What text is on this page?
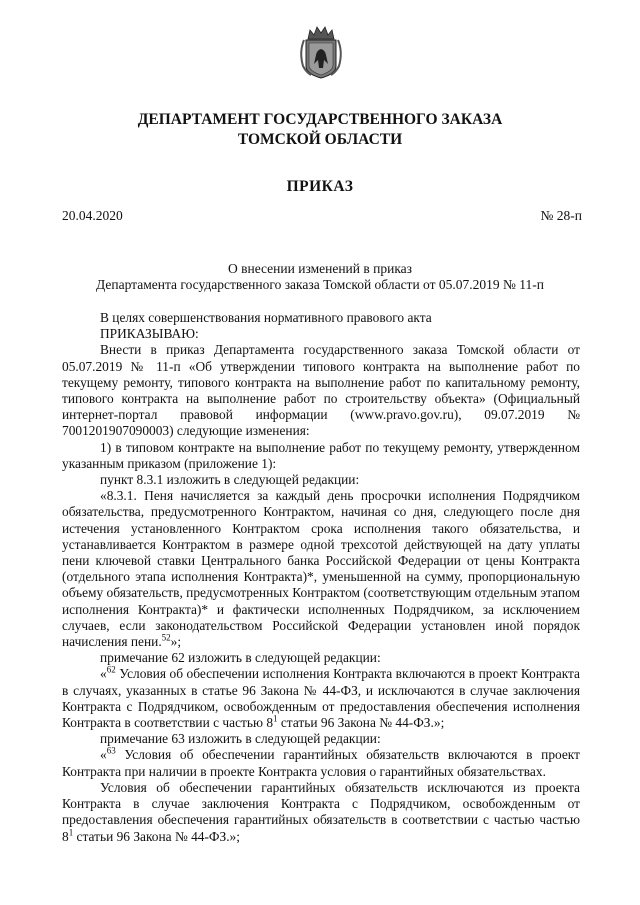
ДЕПАРТАМЕНТ ГОСУДАРСТВЕННОГО ЗАКАЗА
ТОМСКОЙ ОБЛАСТИ
ПРИКАЗ
20.04.2020	№ 28-п
О внесении изменений в приказ
Департамента государственного заказа Томской области от 05.07.2019 № 11-п

В целях совершенствования нормативного правового акта

ПРИКАЗЫВАЮ:

Внести в приказ Департамента государственного заказа Томской области от 05.07.2019 № 11-п «Об утверждении типового контракта на выполнение работ по текущему ремонту, типового контракта на выполнение работ по капитальному ремонту, типового контракта на выполнение работ по строительству объекта» (Официальный интернет-портал правовой информации (www.pravo.gov.ru), 09.07.2019 № 7001201907090003) следующие изменения:

1) в типовом контракте на выполнение работ по текущему ремонту, утвержденном указанным приказом (приложение 1):

пункт 8.3.1 изложить в следующей редакции:

«8.3.1. Пеня начисляется за каждый день просрочки исполнения Подрядчиком обязательства, предусмотренного Контрактом, начиная со дня, следующего после дня истечения установленного Контрактом срока исполнения такого обязательства, и устанавливается Контрактом в размере одной трехсотой действующей на дату уплаты пени ключевой ставки Центрального банка Российской Федерации от цены Контракта (отдельного этапа исполнения Контракта)*, уменьшенной на сумму, пропорциональную объему обязательств, предусмотренных Контрактом (соответствующим отдельным этапом исполнения Контракта)* и фактически исполненных Подрядчиком, за исключением случаев, если законодательством Российской Федерации установлен иной порядок начисления пени.$^{52}$»;

примечание 62 изложить в следующей редакции:

«$^{62}$ Условия об обеспечении исполнения Контракта включаются в проект Контракта в случаях, указанных в статье 96 Закона № 44-ФЗ, и исключаются в случае заключения Контракта с Подрядчиком, освобожденным от предоставления обеспечения исполнения Контракта в соответствии с частью $8^1$ статьи 96 Закона № 44-ФЗ.»;

примечание 63 изложить в следующей редакции:

«$^{63}$ Условия об обеспечении гарантийных обязательств включаются в проект Контракта при наличии в проекте Контракта условия о гарантийных обязательствах.

Условия об обеспечении гарантийных обязательств исключаются из проекта Контракта в случае заключения Контракта с Подрядчиком, освобожденным от предоставления обеспечения гарантийных обязательств в соответствии с частью частью $8^1$ статьи 96 Закона № 44-ФЗ.»;
